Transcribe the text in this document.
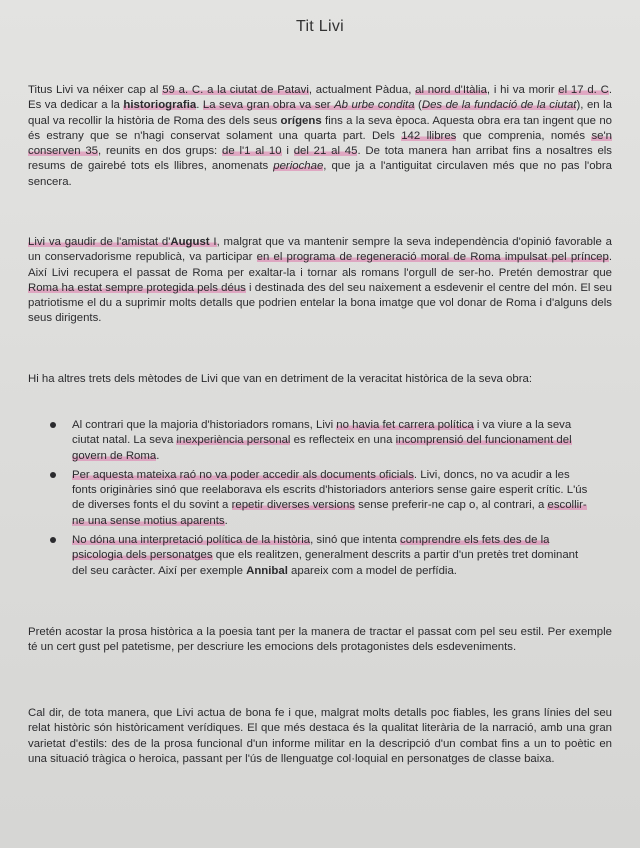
Tit Livi
Titus Livi va néixer cap al 59 a. C. a la ciutat de Patavi, actualment Pàdua, al nord d'Itàlia, i hi va morir el 17 d. C. Es va dedicar a la historiografia. La seva gran obra va ser Ab urbe condita (Des de la fundació de la ciutat), en la qual va recollir la història de Roma des dels seus orígens fins a la seva època. Aquesta obra era tan ingent que no és estrany que se n'hagi conservat solament una quarta part. Dels 142 llibres que comprenia, només se'n conserven 35, reunits en dos grups: de l'1 al 10 i del 21 al 45. De tota manera han arribat fins a nosaltres els resums de gairebé tots els llibres, anomenats periochae, que ja a l'antiguitat circulaven més que no pas l'obra sencera.
Livi va gaudir de l'amistat d'August I, malgrat que va mantenir sempre la seva independència d'opinió favorable a un conservadorisme republicà, va participar en el programa de regeneració moral de Roma impulsat pel príncep. Així Livi recupera el passat de Roma per exaltar-la i tornar als romans l'orgull de ser-ho. Pretén demostrar que Roma ha estat sempre protegida pels déus i destinada des del seu naixement a esdevenir el centre del món. El seu patriotisme el du a suprimir molts detalls que podrien entelar la bona imatge que vol donar de Roma i d'alguns dels seus dirigents.
Hi ha altres trets dels mètodes de Livi que van en detriment de la veracitat històrica de la seva obra:
Al contrari que la majoria d'historiadors romans, Livi no havia fet carrera política i va viure a la seva ciutat natal. La seva inexperiència personal es reflecteix en una incomprensió del funcionament del govern de Roma.
Per aquesta mateixa raó no va poder accedir als documents oficials. Livi, doncs, no va acudir a les fonts originàries sinó que reelaborava els escrits d'historiadors anteriors sense gaire esperit crític. L'ús de diverses fonts el du sovint a repetir diverses versions sense preferir-ne cap o, al contrari, a escollir-ne una sense motius aparents.
No dóna una interpretació política de la història, sinó que intenta comprendre els fets des de la psicologia dels personatges que els realitzen, generalment descrits a partir d'un pretès tret dominant del seu caràcter. Així per exemple Annibal apareix com a model de perfídia.
Pretén acostar la prosa històrica a la poesia tant per la manera de tractar el passat com pel seu estil. Per exemple té un cert gust pel patetisme, per descriure les emocions dels protagonistes dels esdeveniments.
Cal dir, de tota manera, que Livi actua de bona fe i que, malgrat molts detalls poc fiables, les grans línies del seu relat històric són històricament verídiques. El que més destaca és la qualitat literària de la narració, amb una gran varietat d'estils: des de la prosa funcional d'un informe militar en la descripció d'un combat fins a un to poètic en una situació tràgica o heroica, passant per l'ús de llenguatge col·loquial en personatges de classe baixa.
